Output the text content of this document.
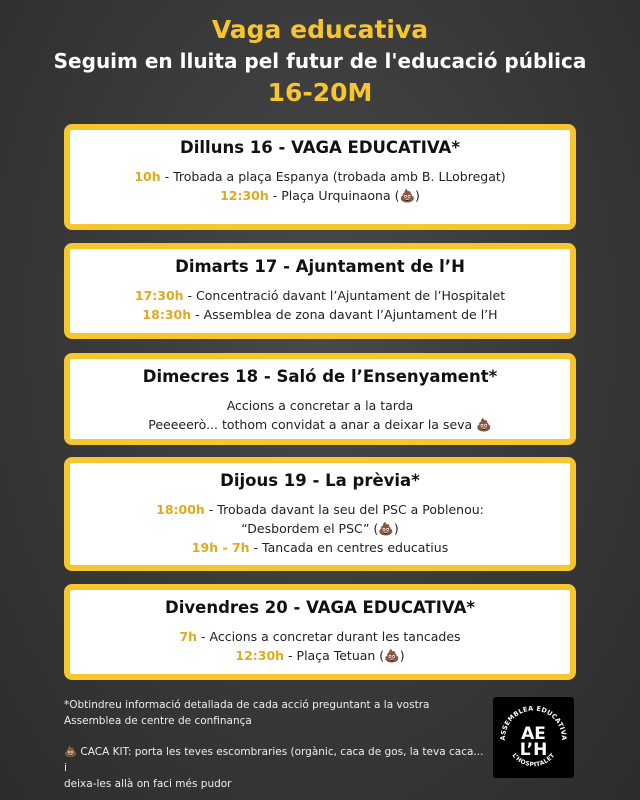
Vaga educativa
Seguim en lluita pel futur de l'educació pública
16-20M
Dilluns 16 - VAGA EDUCATIVA*
10h - Trobada a plaça Espanya (trobada amb B. LLobregat)
12:30h - Plaça Urquinaona (💩)
Dimarts 17 - Ajuntament de l’H
17:30h - Concentració davant l’Ajuntament de l’Hospitalet
18:30h - Assemblea de zona davant l’Ajuntament de l’H
Dimecres 18 - Saló de l’Ensenyament*
Accions a concretar a la tarda
Peeeeerò... tothom convidat a anar a deixar la seva 💩
Dijous 19 - La prèvia*
18:00h - Trobada davant la seu del PSC a Poblenou:
“Desbordem el PSC” (💩)
19h - 7h - Tancada en centres educatius
Divendres 20 - VAGA EDUCATIVA*
7h - Accions a concretar durant les tancades
12:30h - Plaça Tetuan (💩)
*Obtindreu informació detallada de cada acció preguntant a la vostra
Assemblea de centre de confinança
💩 CACA KIT: porta les teves escombraries (orgànic, caca de gos, la teva caca... i
deixa-les allà on faci més pudor
ASSEMBLEA EDUCATIVA
AE
L’H
L’HOSPITALET
